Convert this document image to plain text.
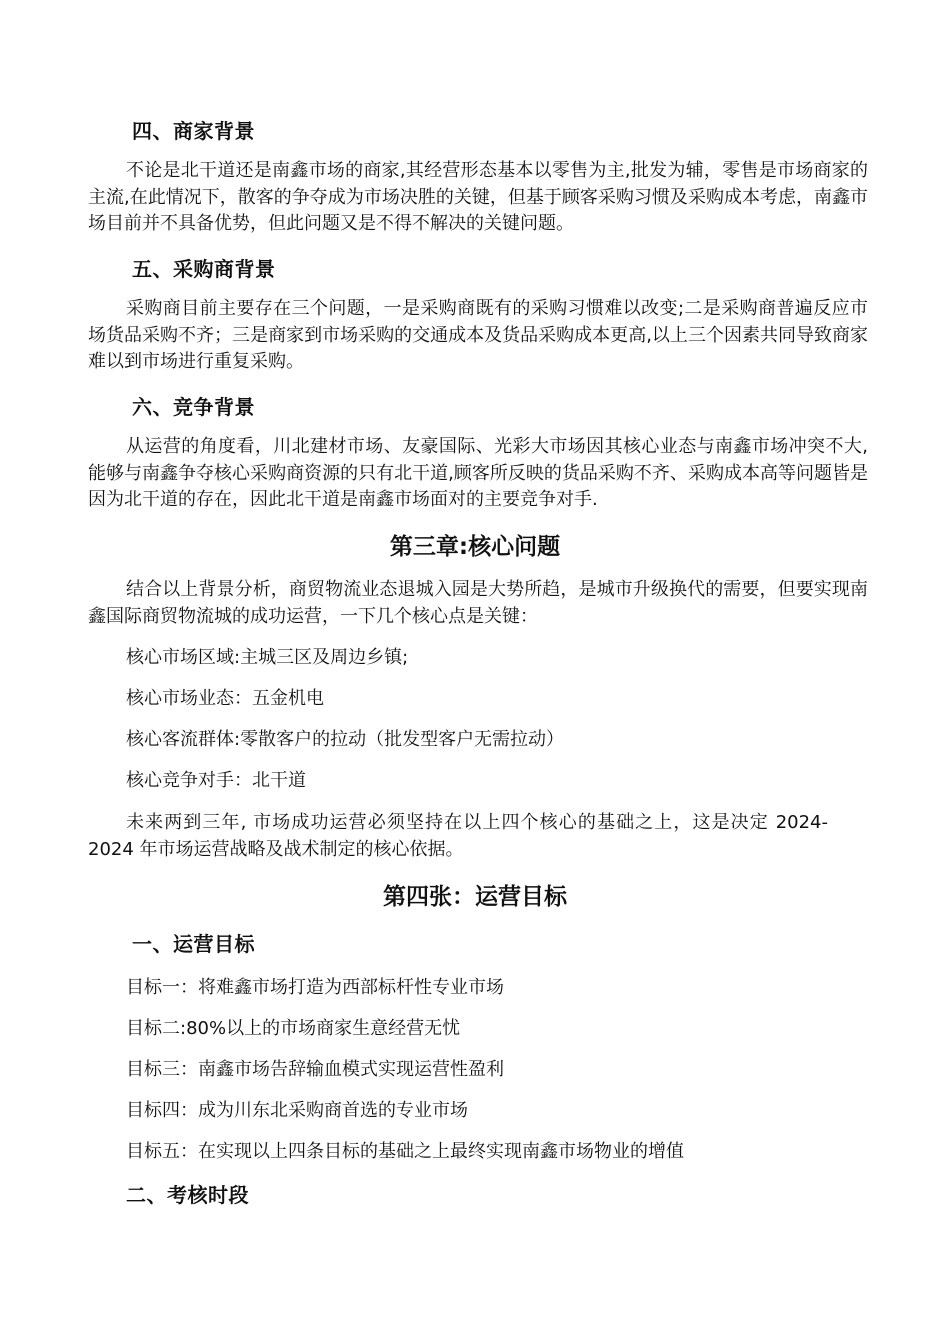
四、商家背景

不论是北干道还是南鑫市场的商家,其经营形态基本以零售为主,批发为辅，零售是市场商家的主流,在此情况下，散客的争夺成为市场决胜的关键，但基于顾客采购习惯及采购成本考虑，南鑫市场目前并不具备优势，但此问题又是不得不解决的关键问题。

五、采购商背景

采购商目前主要存在三个问题，一是采购商既有的采购习惯难以改变;二是采购商普遍反应市场货品采购不齐；三是商家到市场采购的交通成本及货品采购成本更高,以上三个因素共同导致商家难以到市场进行重复采购。

六、竞争背景

从运营的角度看，川北建材市场、友豪国际、光彩大市场因其核心业态与南鑫市场冲突不大,能够与南鑫争夺核心采购商资源的只有北干道,顾客所反映的货品采购不齐、采购成本高等问题皆是因为北干道的存在，因此北干道是南鑫市场面对的主要竞争对手.

第三章:核心问题

结合以上背景分析，商贸物流业态退城入园是大势所趋，是城市升级换代的需要，但要实现南鑫国际商贸物流城的成功运营，一下几个核心点是关键：

核心市场区域:主城三区及周边乡镇;
核心市场业态：五金机电
核心客流群体:零散客户的拉动（批发型客户无需拉动）
核心竞争对手：北干道

未来两到三年, 市场成功运营必须坚持在以上四个核心的基础之上，这是决定 2024-2024 年市场运营战略及战术制定的核心依据。

第四张：运营目标
一、运营目标
目标一：将难鑫市场打造为西部标杆性专业市场
目标二:80%以上的市场商家生意经营无忧
目标三：南鑫市场告辞输血模式实现运营性盈利
目标四：成为川东北采购商首选的专业市场
目标五：在实现以上四条目标的基础之上最终实现南鑫市场物业的增值
二、考核时段
